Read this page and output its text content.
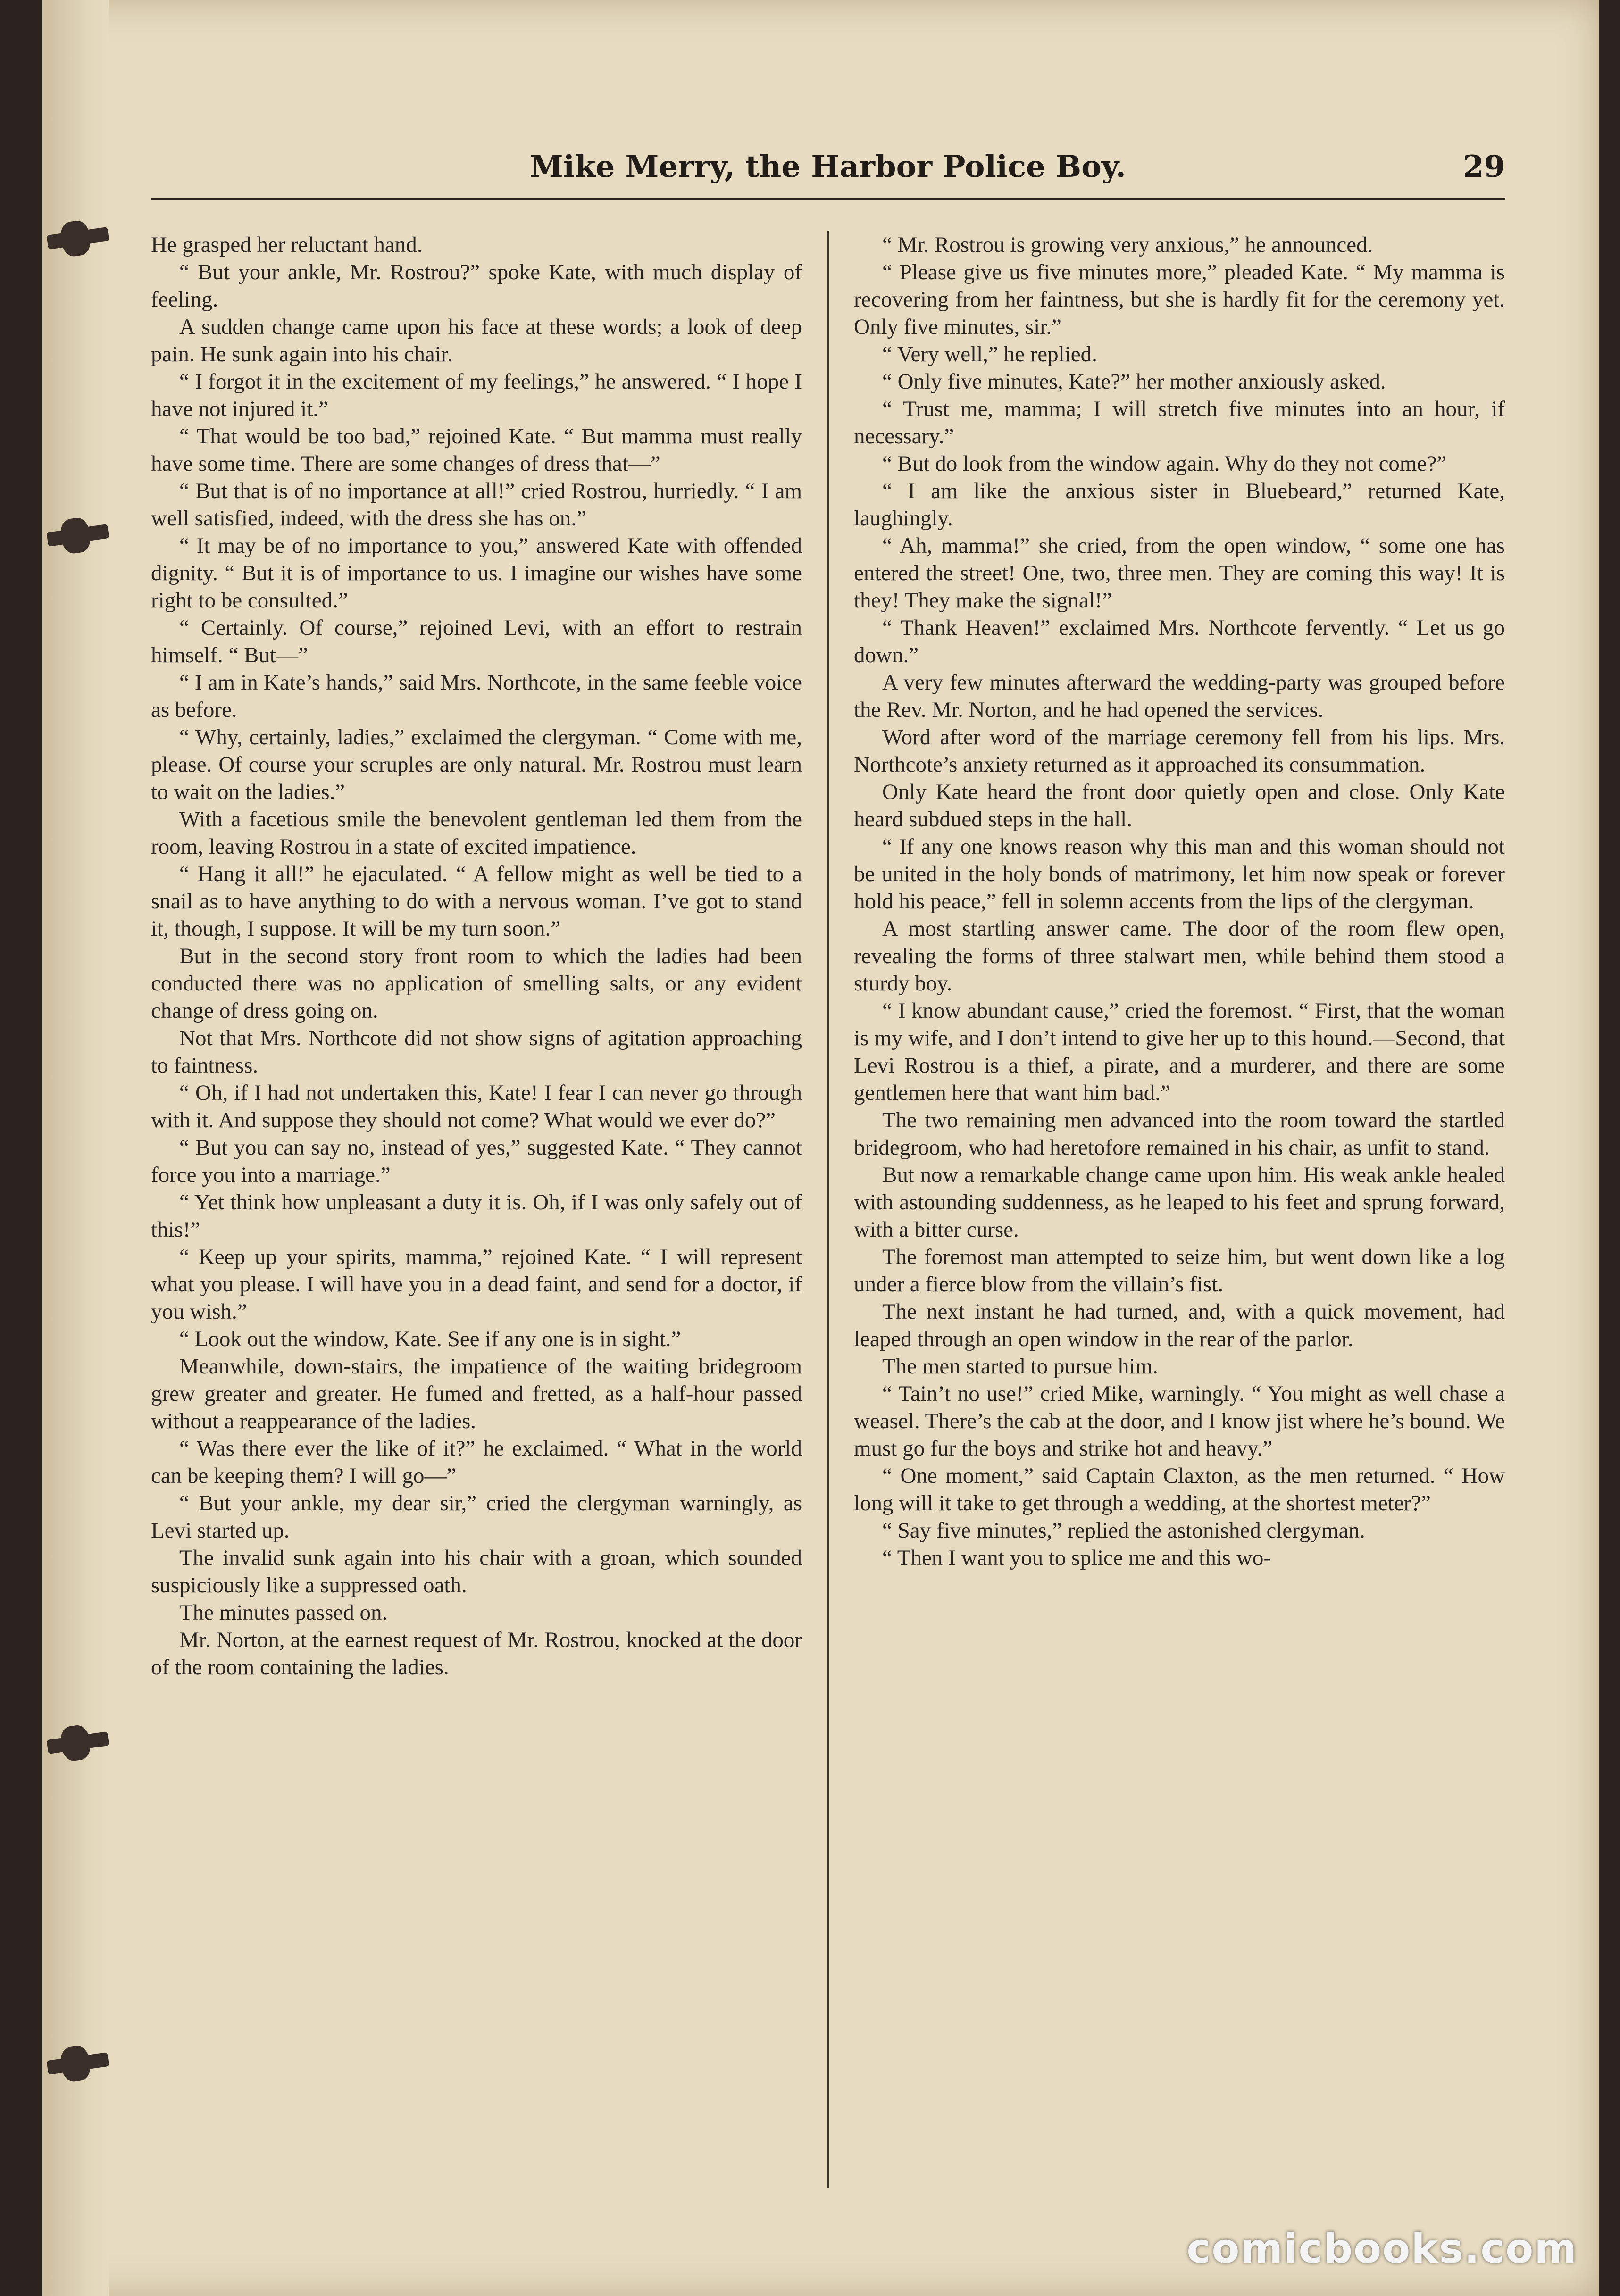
Mike Merry, the Harbor Police Boy.	29

He grasped her reluctant hand.

“ But your ankle, Mr. Rostrou?” spoke Kate, with much display of feeling.

A sudden change came upon his face at these words; a look of deep pain. He sunk again into his chair.

“ I forgot it in the excitement of my feelings,” he answered. “ I hope I have not injured it.”

“ That would be too bad,” rejoined Kate. “ But mamma must really have some time. There are some changes of dress that—”

“ But that is of no importance at all!” cried Rostrou, hurriedly. “ I am well satisfied, indeed, with the dress she has on.”

“ It may be of no importance to you,” answered Kate with offended dignity. “ But it is of importance to us. I imagine our wishes have some right to be consulted.”

“ Certainly. Of course,” rejoined Levi, with an effort to restrain himself. “ But—”

“ I am in Kate’s hands,” said Mrs. Northcote, in the same feeble voice as before.

“ Why, certainly, ladies,” exclaimed the clergyman. “ Come with me, please. Of course your scruples are only natural. Mr. Rostrou must learn to wait on the ladies.”

With a facetious smile the benevolent gentleman led them from the room, leaving Rostrou in a state of excited impatience.

“ Hang it all!” he ejaculated. “ A fellow might as well be tied to a snail as to have anything to do with a nervous woman. I’ve got to stand it, though, I suppose. It will be my turn soon.”

But in the second story front room to which the ladies had been conducted there was no application of smelling salts, or any evident change of dress going on.

Not that Mrs. Northcote did not show signs of agitation approaching to faintness.

“ Oh, if I had not undertaken this, Kate! I fear I can never go through with it. And suppose they should not come? What would we ever do?”

“ But you can say no, instead of yes,” suggested Kate. “ They cannot force you into a marriage.”

“ Yet think how unpleasant a duty it is. Oh, if I was only safely out of this!”

“ Keep up your spirits, mamma,” rejoined Kate. “ I will represent what you please. I will have you in a dead faint, and send for a doctor, if you wish.”

“ Look out the window, Kate. See if any one is in sight.”

Meanwhile, down-stairs, the impatience of the waiting bridegroom grew greater and greater. He fumed and fretted, as a half-hour passed without a reappearance of the ladies.

“ Was there ever the like of it?” he exclaimed. “ What in the world can be keeping them? I will go—”

“ But your ankle, my dear sir,” cried the clergyman warningly, as Levi started up.

The invalid sunk again into his chair with a groan, which sounded suspiciously like a suppressed oath.

The minutes passed on.

Mr. Norton, at the earnest request of Mr. Rostrou, knocked at the door of the room containing the ladies.

“ Mr. Rostrou is growing very anxious,” he announced.

“ Please give us five minutes more,” pleaded Kate. “ My mamma is recovering from her faintness, but she is hardly fit for the ceremony yet. Only five minutes, sir.”

“ Very well,” he replied.

“ Only five minutes, Kate?” her mother anxiously asked.

“ Trust me, mamma; I will stretch five minutes into an hour, if necessary.”

“ But do look from the window again. Why do they not come?”

“ I am like the anxious sister in Bluebeard,” returned Kate, laughingly.

“ Ah, mamma!” she cried, from the open window, “ some one has entered the street! One, two, three men. They are coming this way! It is they! They make the signal!”

“ Thank Heaven!” exclaimed Mrs. Northcote fervently. “ Let us go down.”

A very few minutes afterward the wedding-party was grouped before the Rev. Mr. Norton, and he had opened the services.

Word after word of the marriage ceremony fell from his lips. Mrs. Northcote’s anxiety returned as it approached its consummation.

Only Kate heard the front door quietly open and close. Only Kate heard subdued steps in the hall.

“ If any one knows reason why this man and this woman should not be united in the holy bonds of matrimony, let him now speak or forever hold his peace,” fell in solemn accents from the lips of the clergyman.

A most startling answer came. The door of the room flew open, revealing the forms of three stalwart men, while behind them stood a sturdy boy.

“ I know abundant cause,” cried the foremost. “ First, that the woman is my wife, and I don’t intend to give her up to this hound.—Second, that Levi Rostrou is a thief, a pirate, and a murderer, and there are some gentlemen here that want him bad.”

The two remaining men advanced into the room toward the startled bridegroom, who had heretofore remained in his chair, as unfit to stand.

But now a remarkable change came upon him. His weak ankle healed with astounding suddenness, as he leaped to his feet and sprung forward, with a bitter curse.

The foremost man attempted to seize him, but went down like a log under a fierce blow from the villain’s fist.

The next instant he had turned, and, with a quick movement, had leaped through an open window in the rear of the parlor.

The men started to pursue him.

“ Tain’t no use!” cried Mike, warningly. “ You might as well chase a weasel. There’s the cab at the door, and I know jist where he’s bound. We must go fur the boys and strike hot and heavy.”

“ One moment,” said Captain Claxton, as the men returned. “ How long will it take to get through a wedding, at the shortest meter?”

“ Say five minutes,” replied the astonished clergyman.

“ Then I want you to splice me and this wo-

comicbooks.com
